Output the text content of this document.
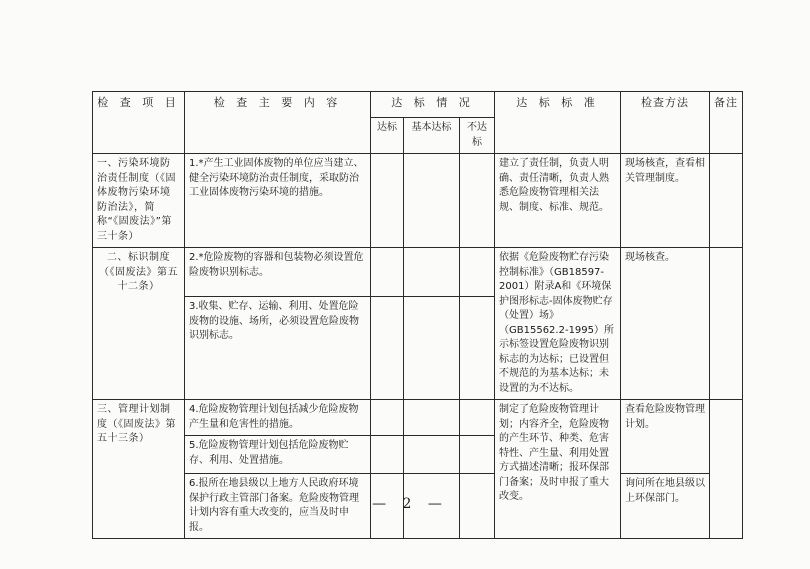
检 查 项 目	检 查 主 要 内 容	达 标 情 况			达 标 标 准	检查方法	备注
		达标	基本达标	不达标			
一、污染环境防治责任制度（《固体废物污染环境防治法》，简称“《固废法》”第三十条）	1.*产生工业固体废物的单位应当建立、健全污染环境防治责任制度，采取防治工业固体废物污染环境的措施。				建立了责任制，负责人明确、责任清晰，负责人熟悉危险废物管理相关法规、制度、标准、规范。	现场核查，查看相关管理制度。	
二、标识制度（《固废法》第五十二条）	2.*危险废物的容器和包装物必须设置危险废物识别标志。				依据《危险废物贮存污染控制标准》（GB18597-2001）附录A和《环境保护图形标志-固体废物贮存（处置）场》（GB15562.2-1995）所示标签设置危险废物识别标志的为达标；已设置但不规范的为基本达标；未设置的为不达标。	现场核查。	
	3.收集、贮存、运输、利用、处置危险废物的设施、场所，必须设置危险废物识别标志。						
三、管理计划制度（《固废法》第五十三条）	4.危险废物管理计划包括减少危险废物产生量和危害性的措施。				制定了危险废物管理计划；内容齐全，危险废物的产生环节、种类、危害特性、产生量、利用处置方式描述清晰；报环保部门备案；及时申报了重大改变。	查看危险废物管理计划。	
	5.危险废物管理计划包括危险废物贮存、利用、处置措施。						
	6.报所在地县级以上地方人民政府环境保护行政主管部门备案。危险废物管理计划内容有重大改变的，应当及时申报。					询问所在地县级以上环保部门。	
— 2 —
